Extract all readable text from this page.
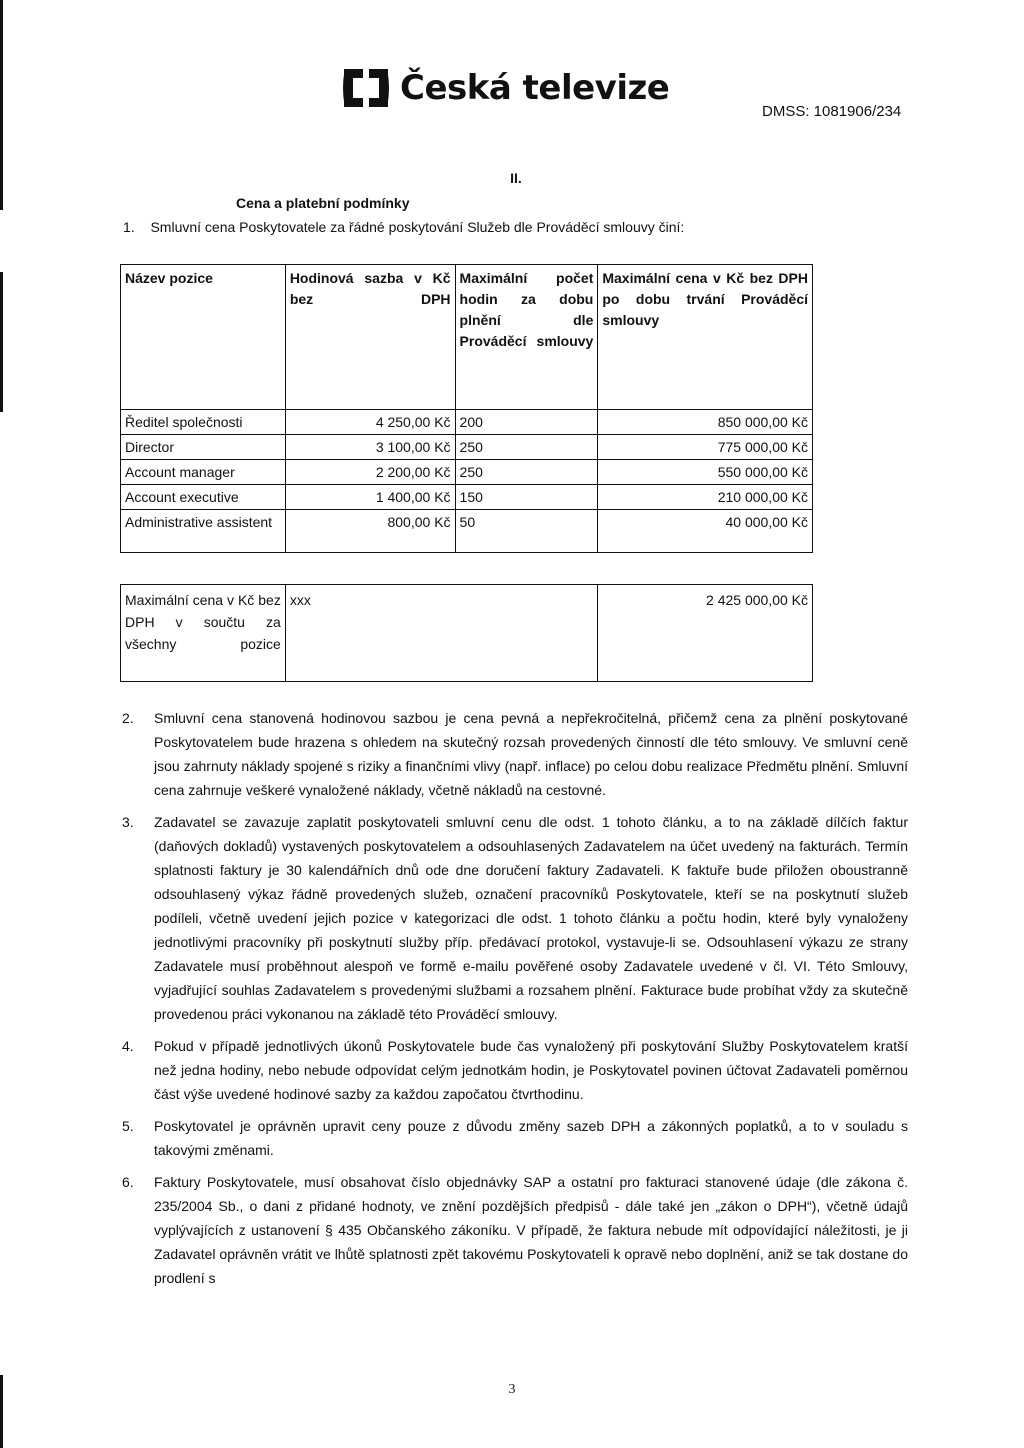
Česká televize
DMSS: 1081906/234
II.
Cena a platební podmínky
1. Smluvní cena Poskytovatele za řádné poskytování Služeb dle Prováděcí smlouvy činí:
Název pozice	Hodinová sazba v Kč bez DPH	Maximální počet hodin za dobu plnění dle Prováděcí smlouvy	Maximální cena v Kč bez DPH po dobu trvání Prováděcí smlouvy
Ředitel společnosti	4 250,00 Kč	200	850 000,00 Kč
Director	3 100,00 Kč	250	775 000,00 Kč
Account manager	2 200,00 Kč	250	550 000,00 Kč
Account executive	1 400,00 Kč	150	210 000,00 Kč
Administrative assistent	800,00 Kč	50	40 000,00 Kč
Maximální cena v Kč bez DPH v součtu za všechny pozice	xxx	2 425 000,00 Kč
2.	Smluvní cena stanovená hodinovou sazbou je cena pevná a nepřekročitelná, přičemž cena za plnění poskytované Poskytovatelem bude hrazena s ohledem na skutečný rozsah provedených činností dle této smlouvy. Ve smluvní ceně jsou zahrnuty náklady spojené s riziky a finančními vlivy (např. inflace) po celou dobu realizace Předmětu plnění. Smluvní cena zahrnuje veškeré vynaložené náklady, včetně nákladů na cestovné.
3.	Zadavatel se zavazuje zaplatit poskytovateli smluvní cenu dle odst. 1 tohoto článku, a to na základě dílčích faktur (daňových dokladů) vystavených poskytovatelem a odsouhlasených Zadavatelem na účet uvedený na fakturách. Termín splatnosti faktury je 30 kalendářních dnů ode dne doručení faktury Zadavateli. K faktuře bude přiložen oboustranně odsouhlasený výkaz řádně provedených služeb, označení pracovníků Poskytovatele, kteří se na poskytnutí služeb podíleli, včetně uvedení jejich pozice v kategorizaci dle odst. 1 tohoto článku a počtu hodin, které byly vynaloženy jednotlivými pracovníky při poskytnutí služby příp. předávací protokol, vystavuje-li se. Odsouhlasení výkazu ze strany Zadavatele musí proběhnout alespoň ve formě e-mailu pověřené osoby Zadavatele uvedené v čl. VI. Této Smlouvy, vyjadřující souhlas Zadavatelem s provedenými službami a rozsahem plnění. Fakturace bude probíhat vždy za skutečně provedenou práci vykonanou na základě této Prováděcí smlouvy.
4.	Pokud v případě jednotlivých úkonů Poskytovatele bude čas vynaložený při poskytování Služby Poskytovatelem kratší než jedna hodiny, nebo nebude odpovídat celým jednotkám hodin, je Poskytovatel povinen účtovat Zadavateli poměrnou část výše uvedené hodinové sazby za každou započatou čtvrthodinu.
5.	Poskytovatel je oprávněn upravit ceny pouze z důvodu změny sazeb DPH a zákonných poplatků, a to v souladu s takovými změnami.
6.	Faktury Poskytovatele, musí obsahovat číslo objednávky SAP a ostatní pro fakturaci stanovené údaje (dle zákona č. 235/2004 Sb., o dani z přidané hodnoty, ve znění pozdějších předpisů - dále také jen „zákon o DPH“), včetně údajů vyplývajících z ustanovení § 435 Občanského zákoníku. V případě, že faktura nebude mít odpovídající náležitosti, je ji Zadavatel oprávněn vrátit ve lhůtě splatnosti zpět takovému Poskytovateli k opravě nebo doplnění, aniž se tak dostane do prodlení s
3
